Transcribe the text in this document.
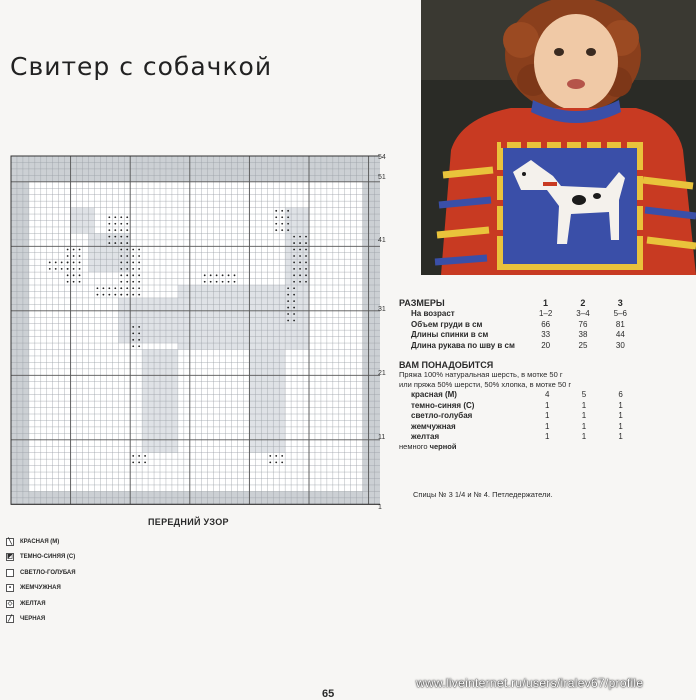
Свитер с собачкой
54
51
41
31
21
11
1
ПЕРЕДНИЙ УЗОР
╲	КРАСНАЯ (M)
◩ ТЕМНО-СИНЯЯ (C)
СВЕТЛО-ГОЛУБАЯ
•	ЖЕМЧУЖНАЯ
◇ ЖЕЛТАЯ
╱	ЧЕРНАЯ
РАЗМЕРЫ	1	2	3
На возраст	1–2	3–4	5–6
Объем груди в см	66	76	81
Длины спинки в см	33	38	44
Длина рукава по шву в см	20	25	30
ВАМ ПОНАДОБИТСЯ
Пряжа 100% натуральная шерсть, в мотке 50 г
или пряжа 50% шерсти, 50% хлопка, в мотке 50 г
красная (M)	4	5	6
темно-синяя (C)	1	1	1
светло-голубая	1	1	1
жемчужная	1	1	1
желтая	1	1	1
немного черной
Спицы № 3 1/4 и № 4. Петледержатели.
65
www.liveinternet.ru/users/iralev67/profile
